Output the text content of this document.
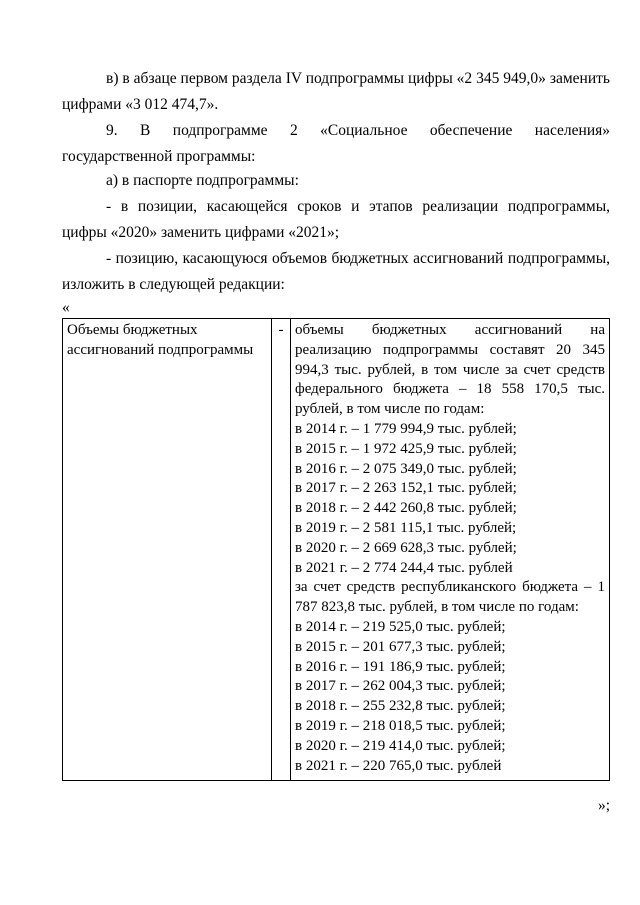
в) в абзаце первом раздела IV подпрограммы цифры «2 345 949,0» заменить цифрами «3 012 474,7».

9. В подпрограмме 2 «Социальное обеспечение населения» государственной программы:

а) в паспорте подпрограммы:

- в позиции, касающейся сроков и этапов реализации подпрограммы, цифры «2020» заменить цифрами «2021»;

- позицию, касающуюся объемов бюджетных ассигнований подпрограммы, изложить в следующей редакции:

«
Объемы бюджетных ассигнований подпрограммы	-	объемы бюджетных ассигнований на реализацию подпрограммы составят 20 345 994,3 тыс. рублей, в том числе за счет средств федерального бюджета – 18 558 170,5 тыс. рублей, в том числе по годам:
в 2014 г. – 1 779 994,9 тыс. рублей;
в 2015 г. – 1 972 425,9 тыс. рублей;
в 2016 г. – 2 075 349,0 тыс. рублей;
в 2017 г. – 2 263 152,1 тыс. рублей;
в 2018 г. – 2 442 260,8 тыс. рублей;
в 2019 г. – 2 581 115,1 тыс. рублей;
в 2020 г. – 2 669 628,3 тыс. рублей;
в 2021 г. – 2 774 244,4 тыс. рублей
за счет средств республиканского бюджета – 1 787 823,8 тыс. рублей, в том числе по годам:
в 2014 г. – 219 525,0 тыс. рублей;
в 2015 г. – 201 677,3 тыс. рублей;
в 2016 г. – 191 186,9 тыс. рублей;
в 2017 г. – 262 004,3 тыс. рублей;
в 2018 г. – 255 232,8 тыс. рублей;
в 2019 г. – 218 018,5 тыс. рублей;
в 2020 г. – 219 414,0 тыс. рублей;
в 2021 г. – 220 765,0 тыс. рублей
»;
